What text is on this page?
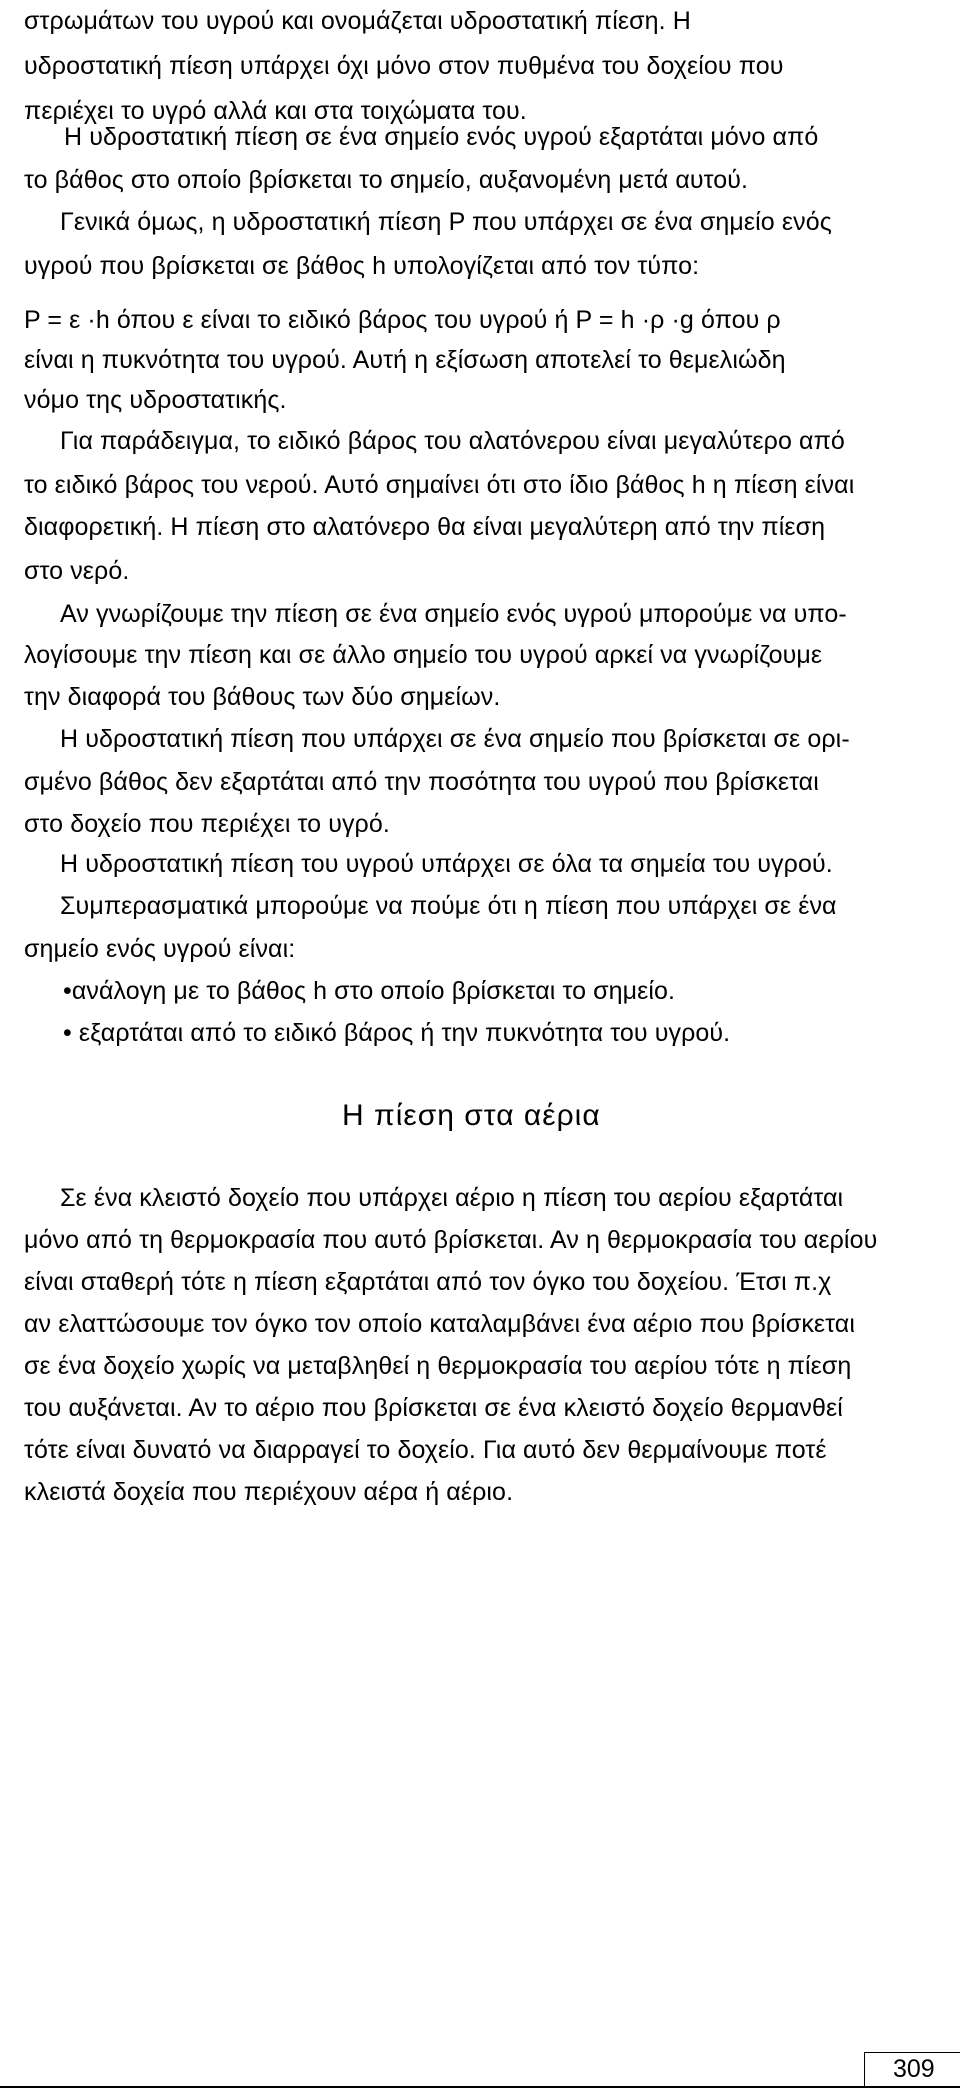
στρωμάτων του υγρού και ονομάζεται υδροστατική πίεση. Η
υδροστατική πίεση υπάρχει όχι μόνο στον πυθμένα του δοχείου που
περιέχει το υγρό αλλά και στα τοιχώματα του.
Η υδροστατική πίεση σε ένα σημείο ενός υγρού εξαρτάται μόνο από
το βάθος στο οποίο βρίσκεται το σημείο, αυξανομένη μετά αυτού.
Γενικά όμως, η υδροστατική πίεση P που υπάρχει σε ένα σημείο ενός
υγρού που βρίσκεται σε βάθος h υπολογίζεται από τον τύπο:
P = ε ·h όπου ε είναι το ειδικό βάρος του υγρού ή P = h ·ρ ·g όπου ρ
είναι η πυκνότητα του υγρού. Αυτή η εξίσωση αποτελεί το θεμελιώδη
νόμο της υδροστατικής.
Για παράδειγμα, το ειδικό βάρος του αλατόνερου είναι μεγαλύτερο από
το ειδικό βάρος του νερού. Αυτό σημαίνει ότι στο ίδιο βάθος h η πίεση είναι
διαφορετική. Η πίεση στο αλατόνερο θα είναι μεγαλύτερη από την πίεση
στο νερό.
Αν γνωρίζουμε την πίεση σε ένα σημείο ενός υγρού μπορούμε να υπο-
λογίσουμε την πίεση και σε άλλο σημείο του υγρού αρκεί να γνωρίζουμε
την διαφορά του βάθους των δύο σημείων.
Η υδροστατική πίεση που υπάρχει σε ένα σημείο που βρίσκεται σε ορι-
σμένο βάθος δεν εξαρτάται από την ποσότητα του υγρού που βρίσκεται
στο δοχείο που περιέχει το υγρό.
Η υδροστατική πίεση του υγρού υπάρχει σε όλα τα σημεία του υγρού.
Συμπερασματικά μπορούμε να πούμε ότι η πίεση που υπάρχει σε ένα
σημείο ενός υγρού είναι:
•ανάλογη με το βάθος h στο οποίο βρίσκεται το σημείο.
• εξαρτάται από το ειδικό βάρος ή την πυκνότητα του υγρού.
Η πίεση στα αέρια
Σε ένα κλειστό δοχείο που υπάρχει αέριο η πίεση του αερίου εξαρτάται
μόνο από τη θερμοκρασία που αυτό βρίσκεται. Αν η θερμοκρασία του αερίου
είναι σταθερή τότε η πίεση εξαρτάται από τον όγκο του δοχείου. Έτσι π.χ
αν ελαττώσουμε τον όγκο τον οποίο καταλαμβάνει ένα αέριο που βρίσκεται
σε ένα δοχείο χωρίς να μεταβληθεί η θερμοκρασία του αερίου τότε η πίεση
του αυξάνεται. Αν το αέριο που βρίσκεται σε ένα κλειστό δοχείο θερμανθεί
τότε είναι δυνατό να διαρραγεί το δοχείο. Για αυτό δεν θερμαίνουμε ποτέ
κλειστά δοχεία που περιέχουν αέρα ή αέριο.
309
